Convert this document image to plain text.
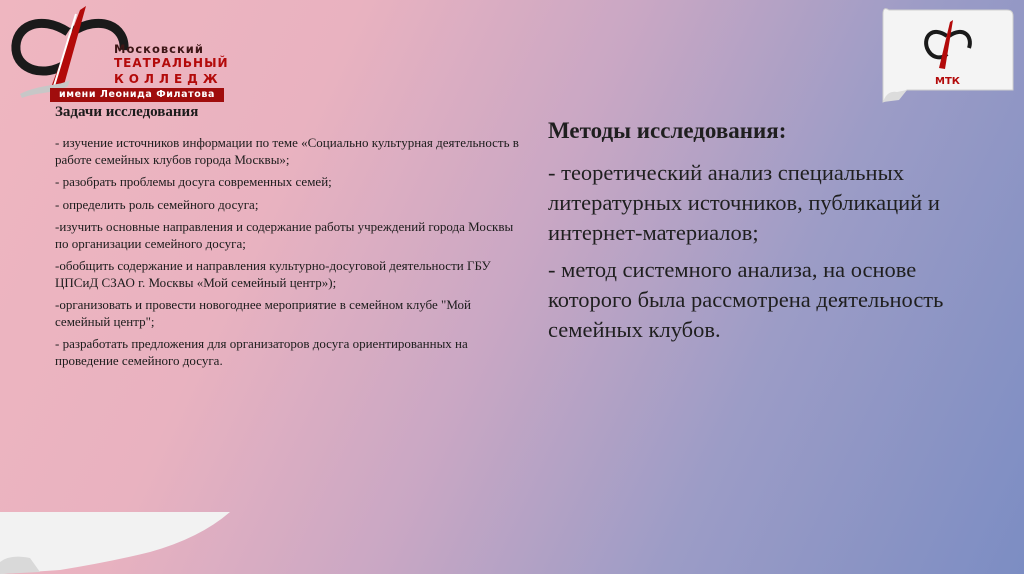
Московский
ТЕАТРАЛЬНЫЙ
КОЛЛЕДЖ
имени Леонида Филатова
МТК
Задачи исследования

- изучение источников информации по теме «Социально культурная деятельность в работе семейных клубов города Москвы»;

- разобрать проблемы досуга современных семей;

- определить роль семейного досуга;

-изучить основные направления и содержание работы учреждений города Москвы по организации семейного досуга;

-обобщить содержание и направления культурно-досуговой деятельности ГБУ ЦПСиД СЗАО г. Москвы «Мой семейный центр»);

-организовать и провести новогоднее мероприятие в семейном клубе "Мой семейный центр";

- разработать предложения для организаторов досуга ориентированных на проведение семейного досуга.

Методы исследования:

- теоретический анализ специальных литературных источников, публикаций и интернет-материалов;

- метод системного анализа, на основе которого была рассмотрена деятельность семейных клубов.
